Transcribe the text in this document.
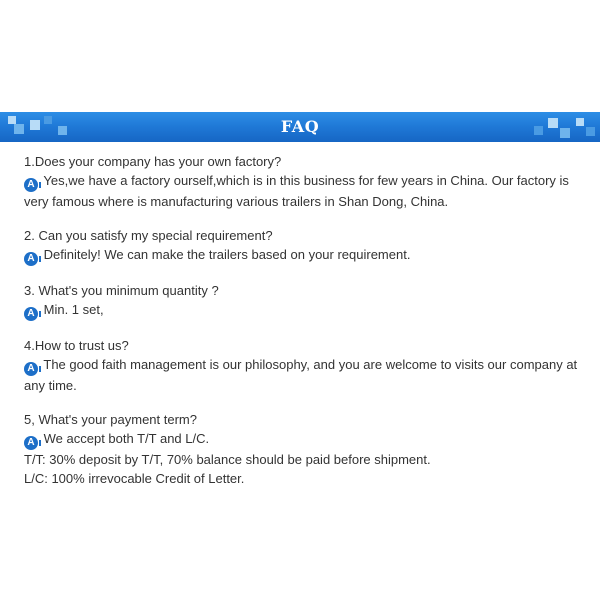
FAQ

1.Does your company has your own factory?

A Yes,we have a factory ourself,which is in this business for few years in China. Our factory is very famous where is manufacturing various trailers in Shan Dong, China.

2. Can you satisfy my special requirement?

A Definitely! We can make the trailers based on your requirement.

3. What's you minimum quantity ?

A Min. 1 set,

4.How to trust us?

A The good faith management is our philosophy, and you are welcome to visits our company at any time.

5, What's your payment term?

A We accept both T/T and L/C.

T/T: 30% deposit by T/T, 70% balance should be paid before shipment.

L/C: 100% irrevocable Credit of Letter.
